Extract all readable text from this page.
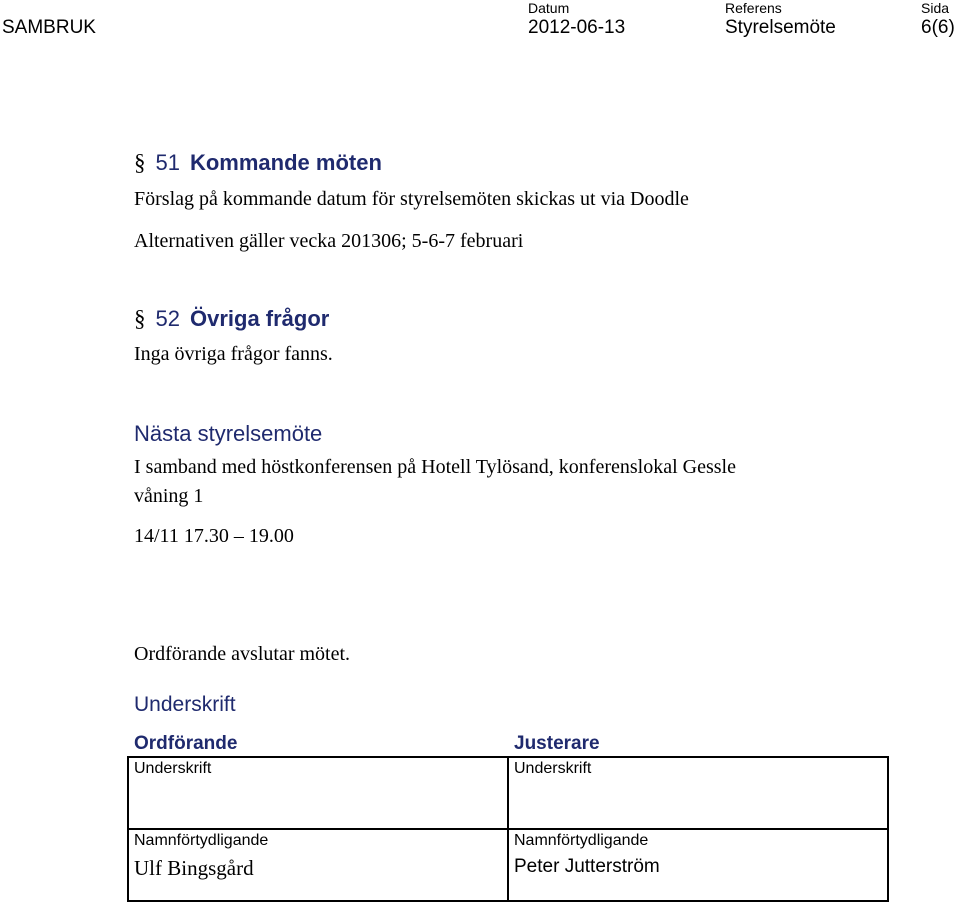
SAMBRUK
Datum
2012-06-13
Referens
Styrelsemöte
Sida
6(6)
§ 51 Kommande möten
Förslag på kommande datum för styrelsemöten skickas ut via Doodle
Alternativen gäller vecka 201306; 5-6-7 februari
§ 52 Övriga frågor
Inga övriga frågor fanns.
Nästa styrelsemöte
I samband med höstkonferensen på Hotell Tylösand, konferenslokal Gessle
våning 1
14/11 17.30 – 19.00
Ordförande avslutar mötet.
Underskrift
Ordförande	Justerare
Underskrift	Underskrift
Namnförtydligande	Namnförtydligande
Ulf Bingsgård	Peter Jutterström
